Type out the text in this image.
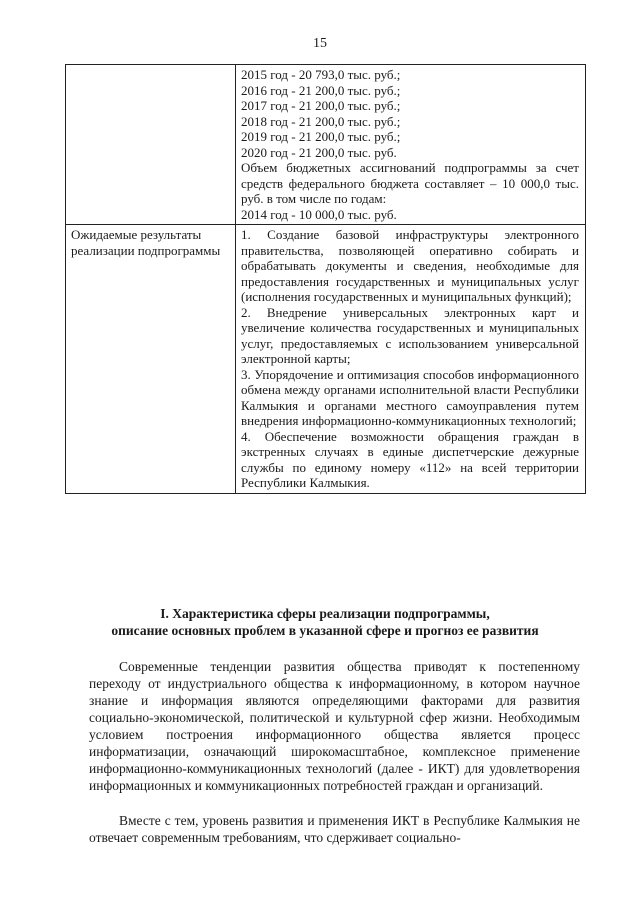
15
2015 год - 20 793,0 тыс. руб.;
2016 год - 21 200,0 тыс. руб.;
2017 год - 21 200,0 тыс. руб.;
2018 год - 21 200,0 тыс. руб.;
2019 год - 21 200,0 тыс. руб.;
2020 год - 21 200,0 тыс. руб.
Объем бюджетных ассигнований подпрограммы за счет средств федерального бюджета составляет – 10 000,0 тыс. руб. в том числе по годам:
2014 год - 10 000,0 тыс. руб.
Ожидаемые результаты реализации подпрограммы
1. Создание базовой инфраструктуры электронного правительства, позволяющей оперативно собирать и обрабатывать документы и сведения, необходимые для предоставления государственных и муниципальных услуг (исполнения государственных и муниципальных функций);
2. Внедрение универсальных электронных карт и увеличение количества государственных и муниципальных услуг, предоставляемых с использованием универсальной электронной карты;
3. Упорядочение и оптимизация способов информационного обмена между органами исполнительной власти Республики Калмыкия и органами местного самоуправления путем внедрения информационно-коммуникационных технологий;
4. Обеспечение возможности обращения граждан в экстренных случаях в единые диспетчерские дежурные службы по единому номеру «112» на всей территории Республики Калмыкия.
I. Характеристика сферы реализации подпрограммы,
описание основных проблем в указанной сфере и прогноз ее развития
Современные тенденции развития общества приводят к постепенному переходу от индустриального общества к информационному, в котором научное знание и информация являются определяющими факторами для развития социально-экономической, политической и культурной сфер жизни. Необходимым условием построения информационного общества является процесс информатизации, означающий широкомасштабное, комплексное применение информационно-коммуникационных технологий (далее - ИКТ) для удовлетворения информационных и коммуникационных потребностей граждан и организаций.
Вместе с тем, уровень развития и применения ИКТ в Республике Калмыкия не отвечает современным требованиям, что сдерживает социально-
